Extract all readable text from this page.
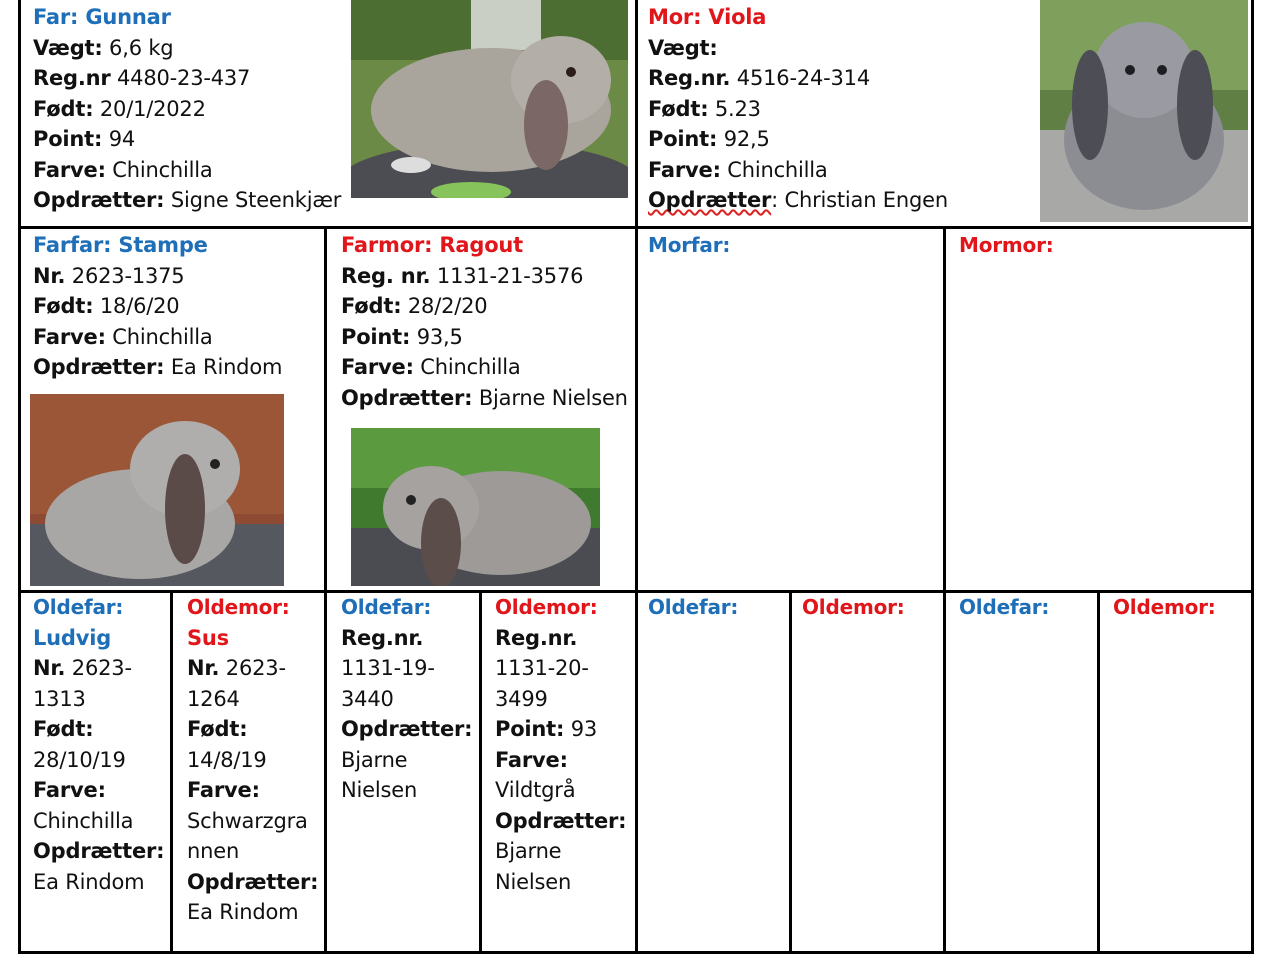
Far: Gunnar
Vægt: 6,6 kg
Reg.nr 4480-23-437
Født: 20/1/2022
Point: 94
Farve: Chinchilla
Opdrætter: Signe Steenkjær
Mor: Viola
Vægt:
Reg.nr. 4516-24-314
Født: 5.23
Point: 92,5
Farve: Chinchilla
Opdrætter: Christian Engen
Farfar: Stampe
Nr. 2623-1375
Født: 18/6/20
Farve: Chinchilla
Opdrætter: Ea Rindom
Farmor: Ragout
Reg. nr. 1131-21-3576
Født: 28/2/20
Point: 93,5
Farve: Chinchilla
Opdrætter: Bjarne Nielsen
Morfar:	Mormor:
Oldefar:
Ludvig
Nr. 2623-
1313
Født:
28/10/19
Farve:
Chinchilla
Opdrætter:
Ea Rindom
Oldemor:
Sus
Nr. 2623-
1264
Født:
14/8/19
Farve:
Schwarzgra
nnen
Opdrætter:
Ea Rindom
Oldefar:
Reg.nr.
1131-19-
3440
Opdrætter:
Bjarne
Nielsen
Oldemor:
Reg.nr.
1131-20-
3499
Point: 93
Farve:
Vildtgrå
Opdrætter:
Bjarne
Nielsen
Oldefar:	Oldemor:	Oldefar:	Oldemor:
